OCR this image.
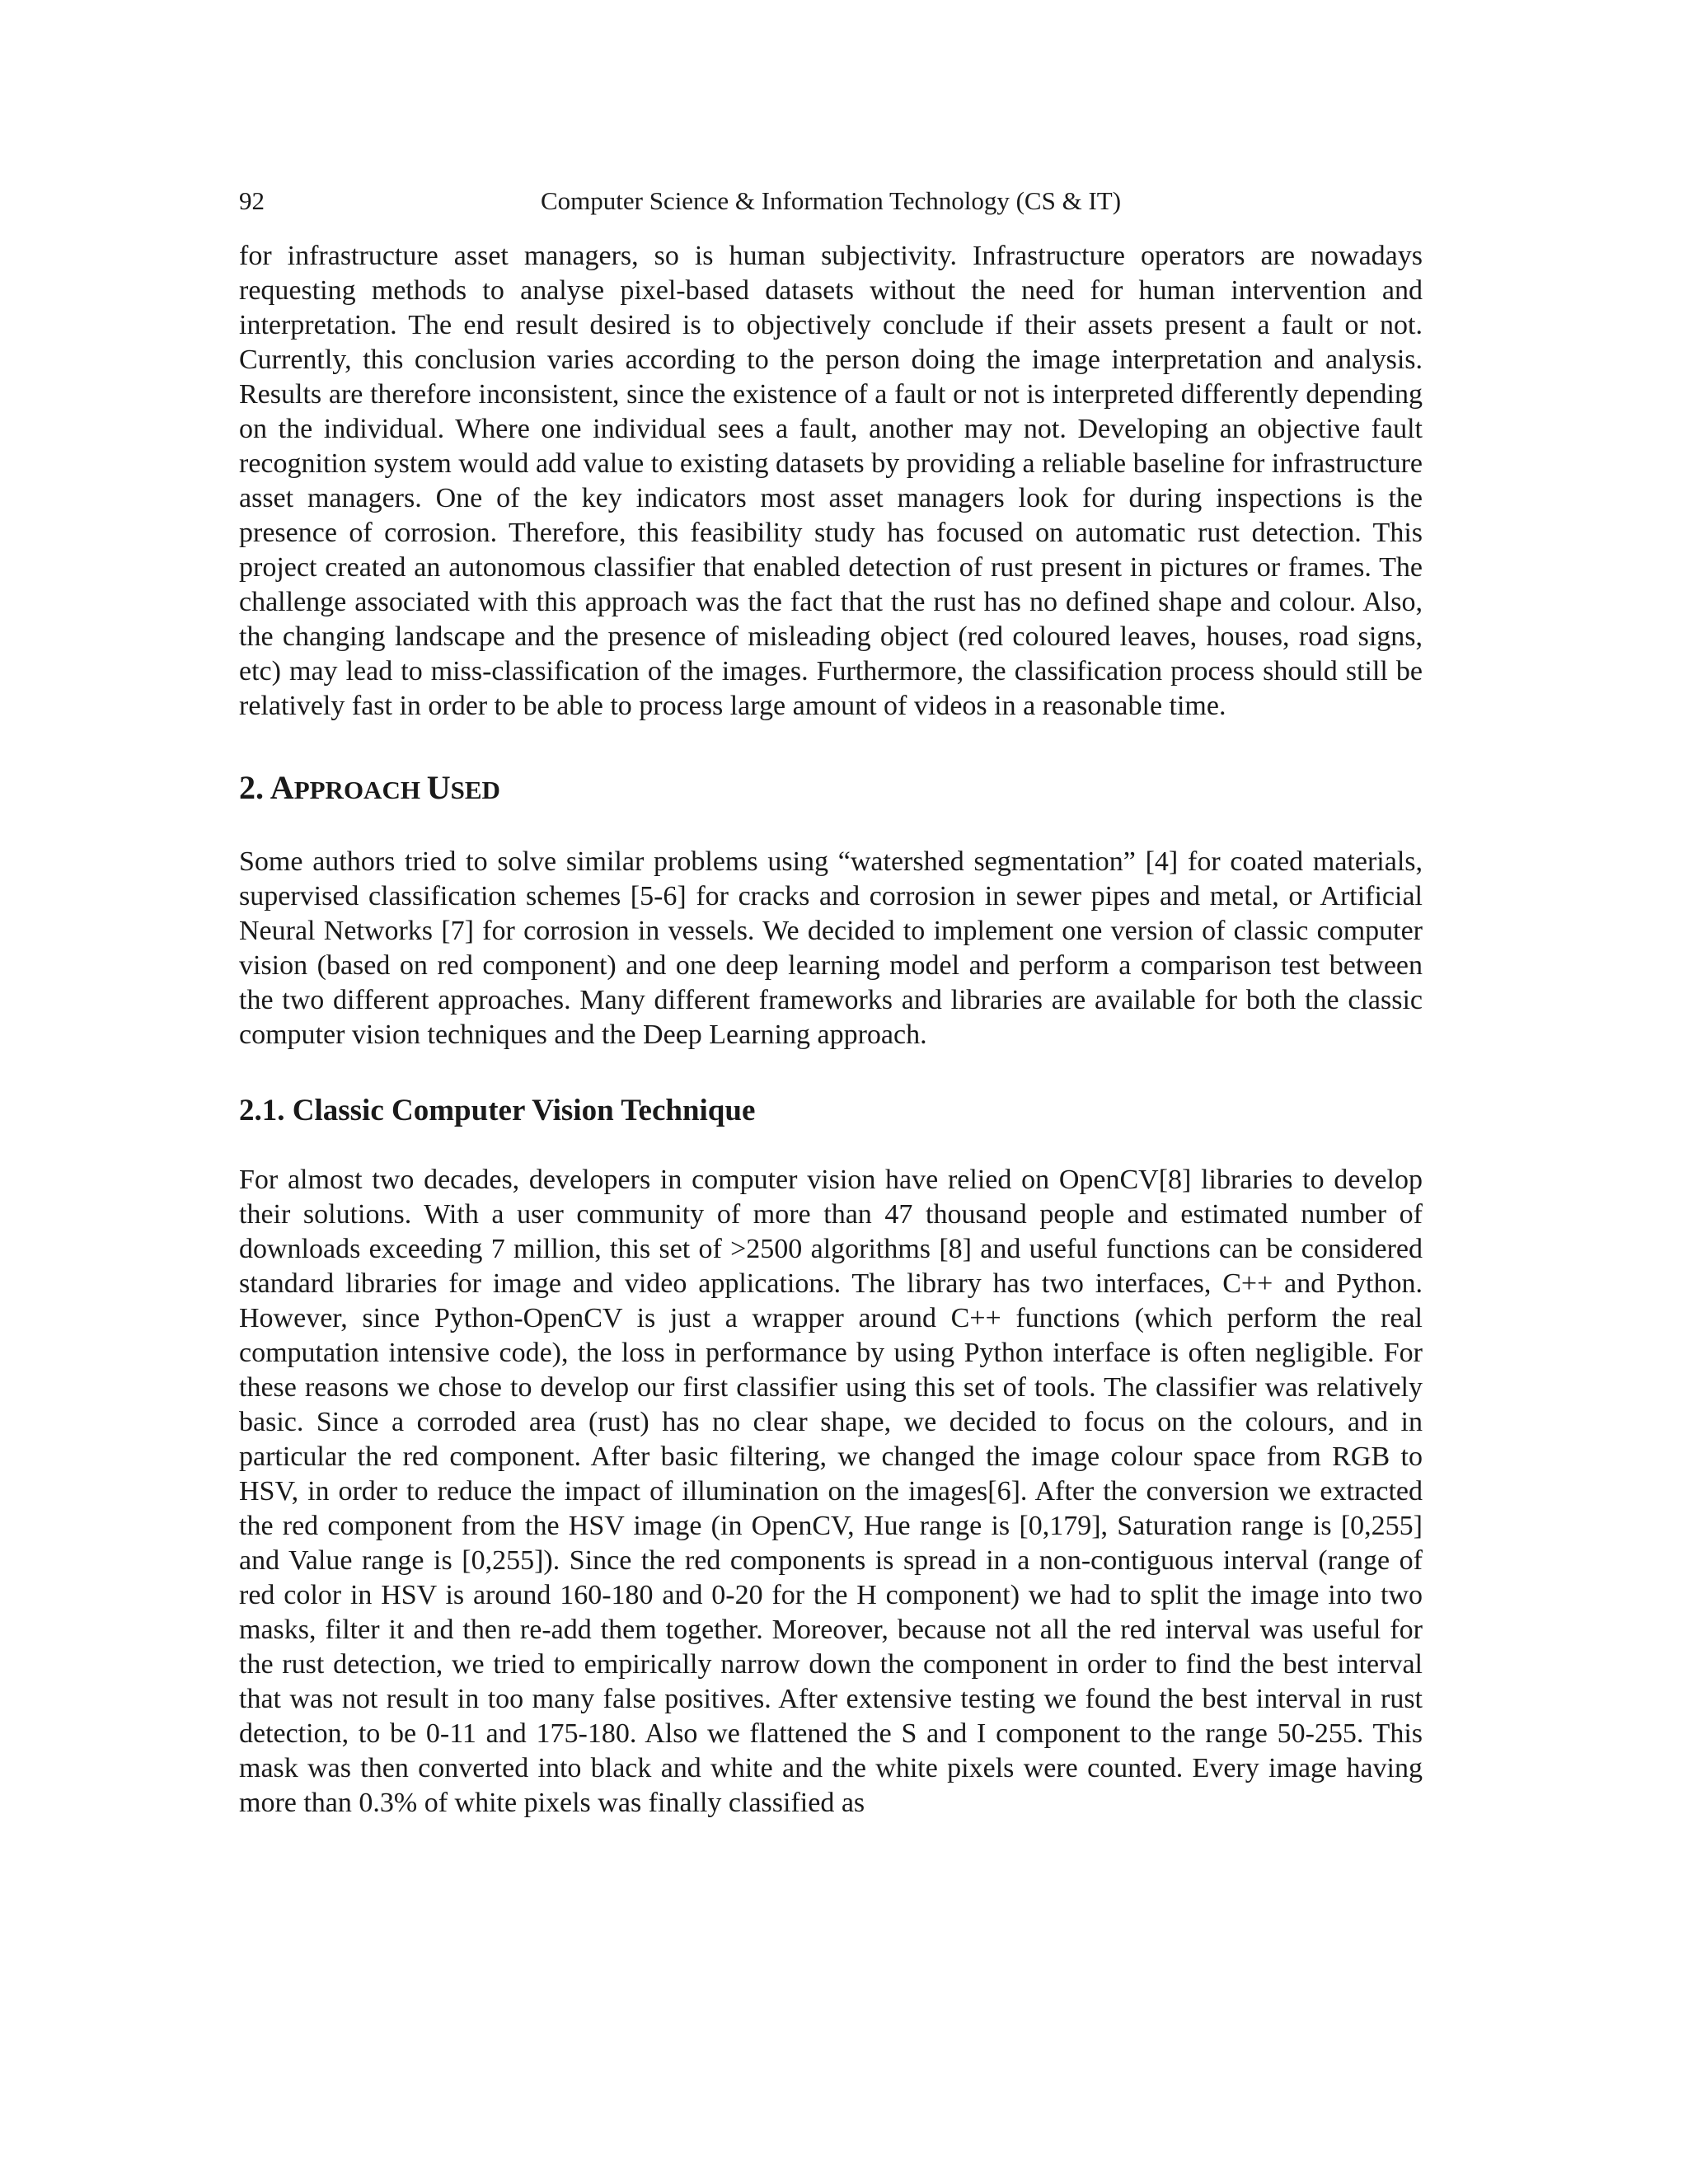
92	Computer Science & Information Technology (CS & IT)

for infrastructure asset managers, so is human subjectivity. Infrastructure operators are nowadays requesting methods to analyse pixel-based datasets without the need for human intervention and interpretation. The end result desired is to objectively conclude if their assets present a fault or not. Currently, this conclusion varies according to the person doing the image interpretation and analysis. Results are therefore inconsistent, since the existence of a fault or not is interpreted differently depending on the individual. Where one individual sees a fault, another may not. Developing an objective fault recognition system would add value to existing datasets by providing a reliable baseline for infrastructure asset managers. One of the key indicators most asset managers look for during inspections is the presence of corrosion. Therefore, this feasibility study has focused on automatic rust detection. This project created an autonomous classifier that enabled detection of rust present in pictures or frames. The challenge associated with this approach was the fact that the rust has no defined shape and colour. Also, the changing landscape and the presence of misleading object (red coloured leaves, houses, road signs, etc) may lead to miss-classification of the images. Furthermore, the classification process should still be relatively fast in order to be able to process large amount of videos in a reasonable time.

2. APPROACH USED

Some authors tried to solve similar problems using “watershed segmentation” [4] for coated materials, supervised classification schemes [5-6] for cracks and corrosion in sewer pipes and metal, or Artificial Neural Networks [7] for corrosion in vessels. We decided to implement one version of classic computer vision (based on red component) and one deep learning model and perform a comparison test between the two different approaches. Many different frameworks and libraries are available for both the classic computer vision techniques and the Deep Learning approach.

2.1. Classic Computer Vision Technique

For almost two decades, developers in computer vision have relied on OpenCV[8] libraries to develop their solutions. With a user community of more than 47 thousand people and estimated number of downloads exceeding 7 million, this set of >2500 algorithms [8] and useful functions can be considered standard libraries for image and video applications. The library has two interfaces, C++ and Python. However, since Python-OpenCV is just a wrapper around C++ functions (which perform the real computation intensive code), the loss in performance by using Python interface is often negligible. For these reasons we chose to develop our first classifier using this set of tools. The classifier was relatively basic. Since a corroded area (rust) has no clear shape, we decided to focus on the colours, and in particular the red component. After basic filtering, we changed the image colour space from RGB to HSV, in order to reduce the impact of illumination on the images[6]. After the conversion we extracted the red component from the HSV image (in OpenCV, Hue range is [0,179], Saturation range is [0,255] and Value range is [0,255]). Since the red components is spread in a non-contiguous interval (range of red color in HSV is around 160-180 and 0-20 for the H component) we had to split the image into two masks, filter it and then re-add them together. Moreover, because not all the red interval was useful for the rust detection, we tried to empirically narrow down the component in order to find the best interval that was not result in too many false positives. After extensive testing we found the best interval in rust detection, to be 0-11 and 175-180. Also we flattened the S and I component to the range 50-255. This mask was then converted into black and white and the white pixels were counted. Every image having more than 0.3% of white pixels was finally classified as
